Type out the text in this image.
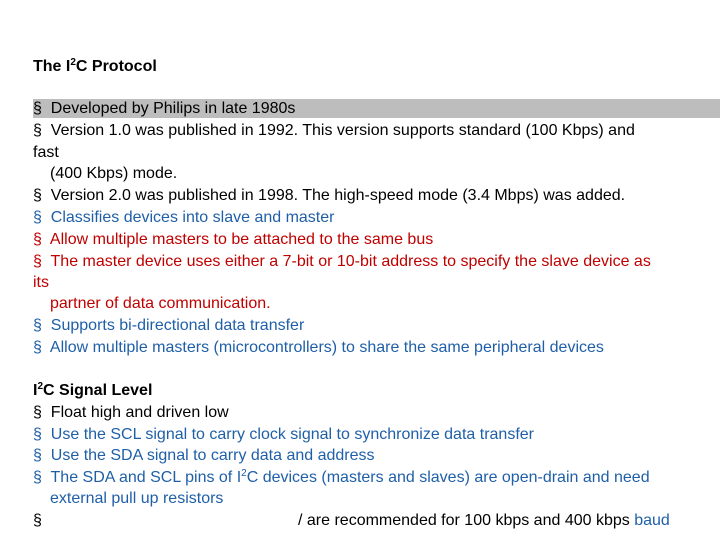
The $I^2C$ Protocol
§ Developed by Philips in late 1980s
§ Version 1.0 was published in 1992. This version supports standard (100 Kbps) and
fast
(400 Kbps) mode.
§ Version 2.0 was published in 1998. The high-speed mode (3.4 Mbps) was added.
§ Classifies devices into slave and master
§ Allow multiple masters to be attached to the same bus
§ The master device uses either a 7-bit or 10-bit address to specify the slave device as
its
partner of data communication.
§ Supports bi-directional data transfer
§ Allow multiple masters (microcontrollers) to share the same peripheral devices
$I^2C$ Signal Level
§ Float high and driven low
§ Use the SCL signal to carry clock signal to synchronize data transfer
§ Use the SDA signal to carry data and address
§ The SDA and SCL pins of $I^2C$ devices (masters and slaves) are open-drain and need
external pull up resistors
§	/ are recommended for 100 kbps and 400 kbps baud
